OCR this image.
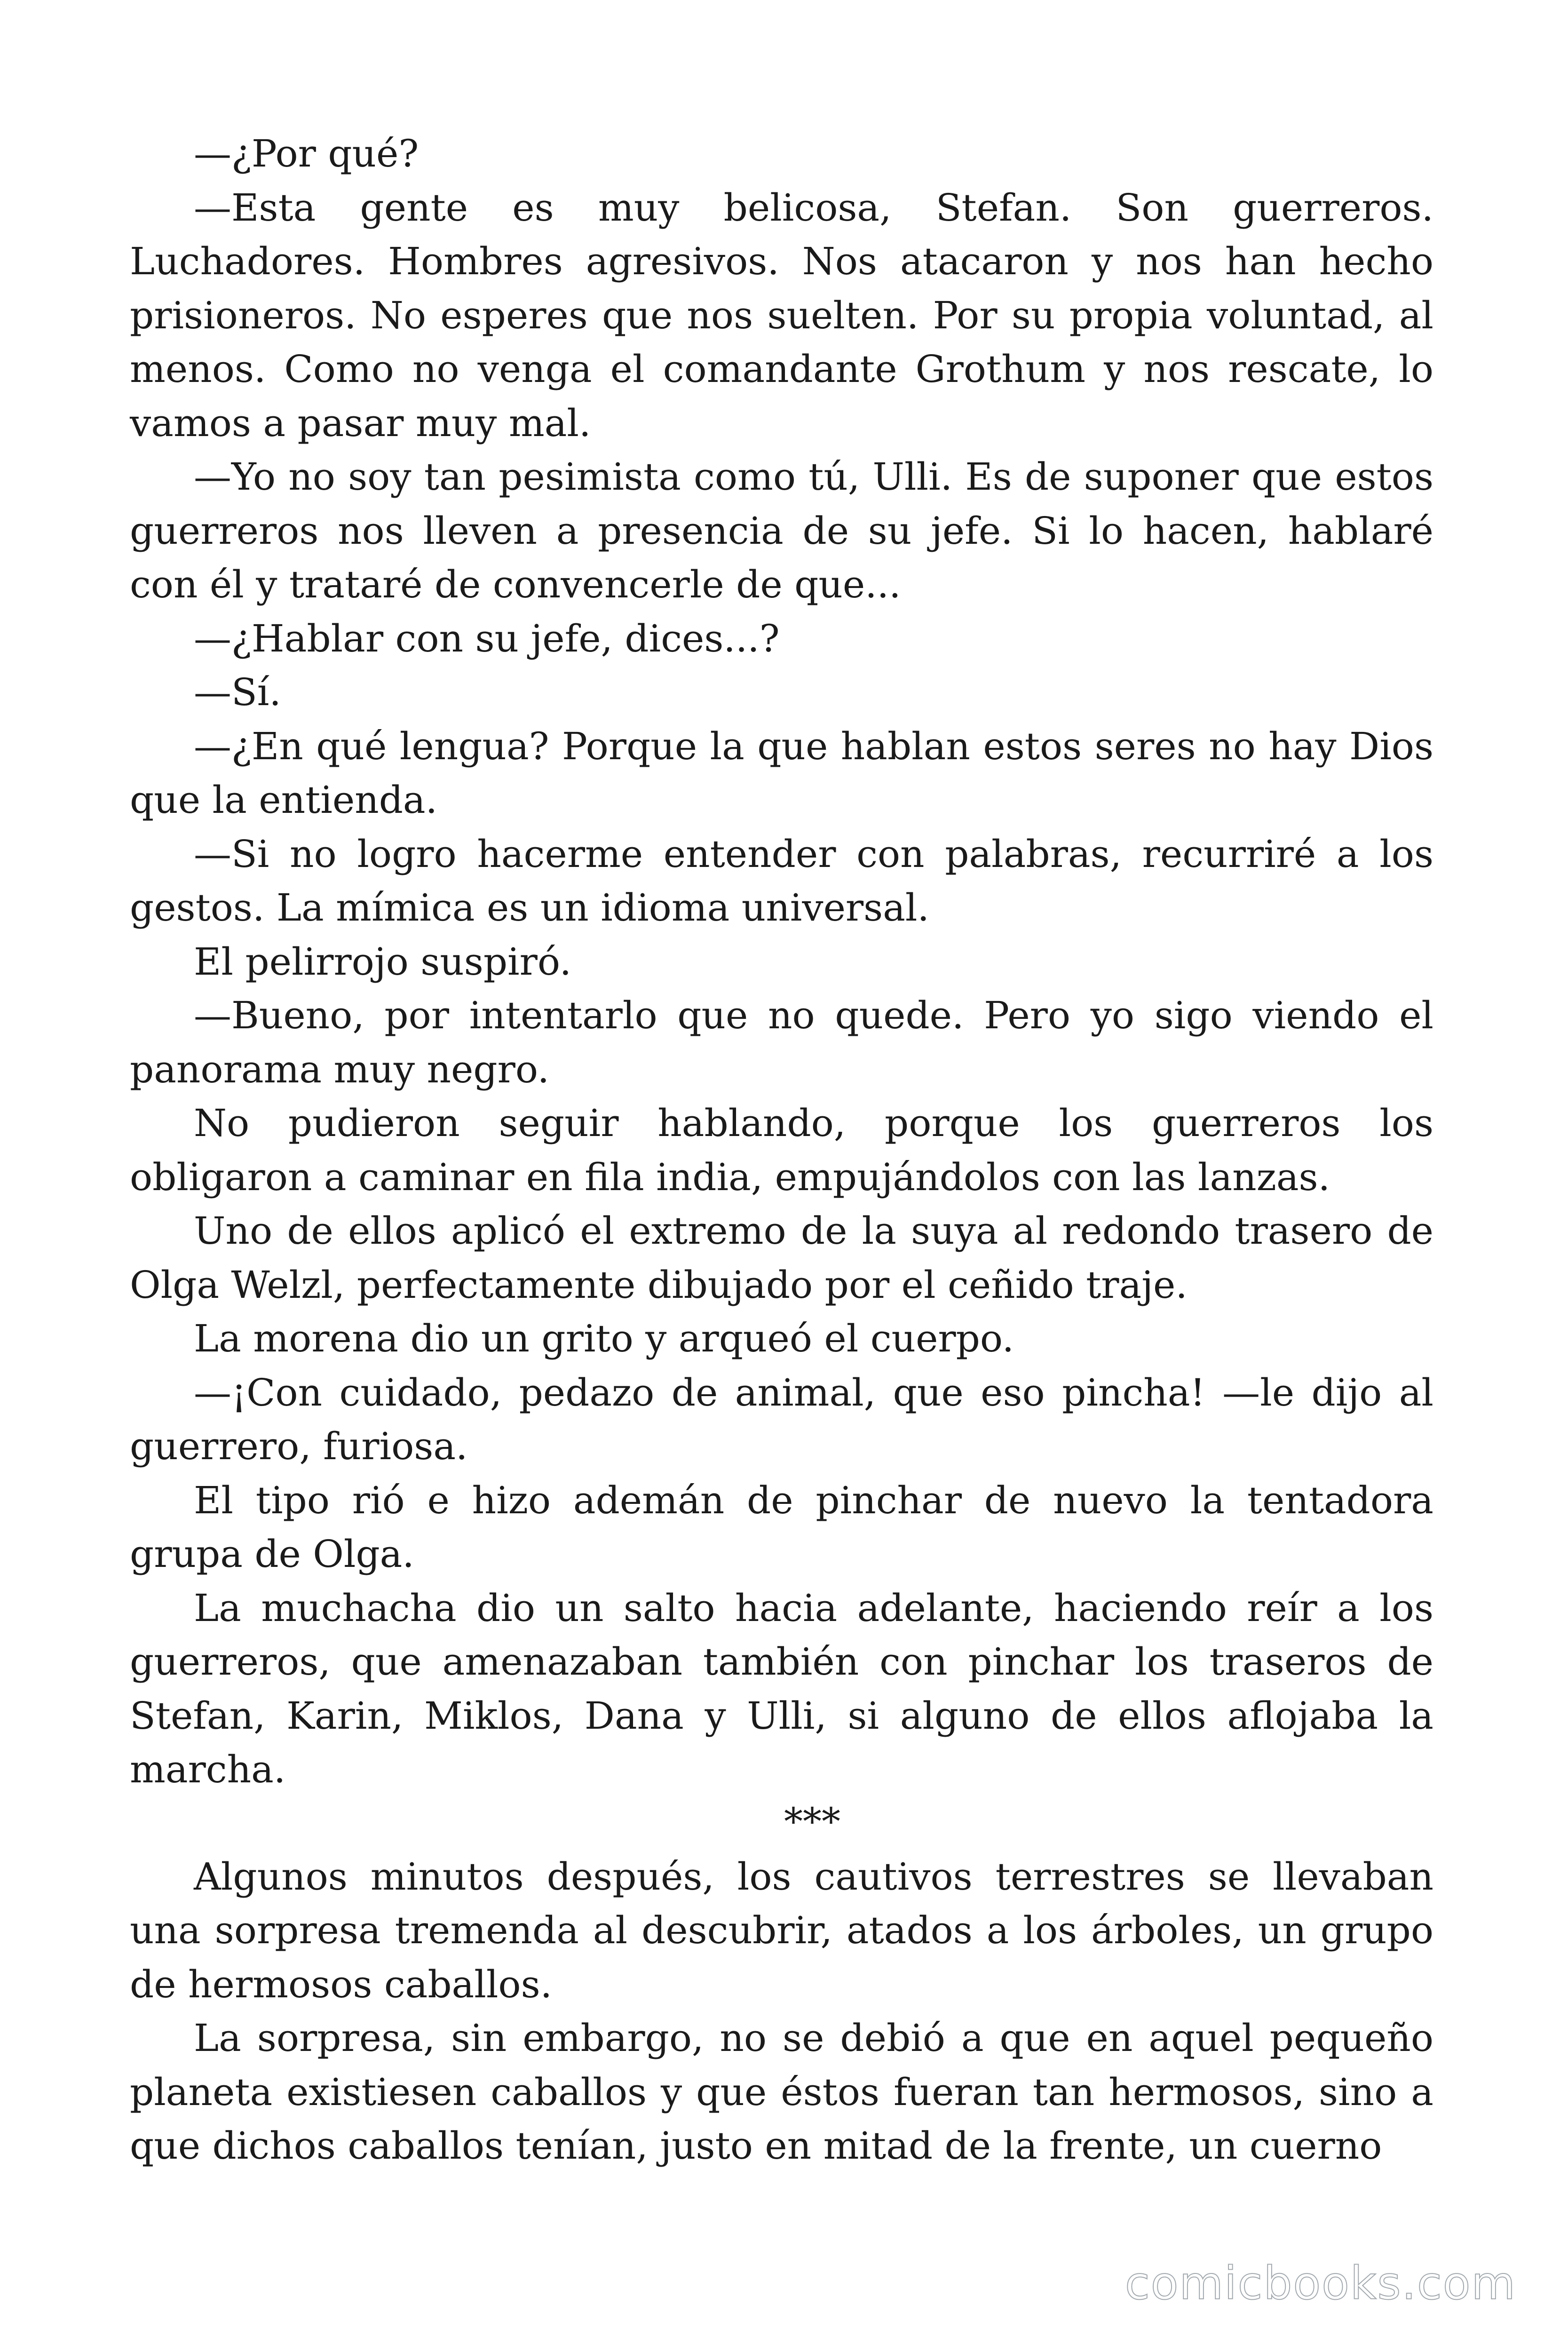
—¿Por qué?

—Esta gente es muy belicosa, Stefan. Son guerreros. Luchadores. Hombres agresivos. Nos atacaron y nos han hecho prisioneros. No esperes que nos suelten. Por su propia voluntad, al menos. Como no venga el comandante Grothum y nos rescate, lo vamos a pasar muy mal.

—Yo no soy tan pesimista como tú, Ulli. Es de suponer que estos guerreros nos lleven a presencia de su jefe. Si lo hacen, hablaré con él y trataré de convencerle de que...

—¿Hablar con su jefe, dices...?

—Sí.

—¿En qué lengua? Porque la que hablan estos seres no hay Dios que la entienda.

—Si no logro hacerme entender con palabras, recurriré a los gestos. La mímica es un idioma universal.

El pelirrojo suspiró.

—Bueno, por intentarlo que no quede. Pero yo sigo viendo el panorama muy negro.

No pudieron seguir hablando, porque los guerreros los obligaron a caminar en fila india, empujándolos con las lanzas.

Uno de ellos aplicó el extremo de la suya al redondo trasero de Olga Welzl, perfectamente dibujado por el ceñido traje.

La morena dio un grito y arqueó el cuerpo.

—¡Con cuidado, pedazo de animal, que eso pincha! —le dijo al guerrero, furiosa.

El tipo rió e hizo ademán de pinchar de nuevo la tentadora grupa de Olga.

La muchacha dio un salto hacia adelante, haciendo reír a los guerreros, que amenazaban también con pinchar los traseros de Stefan, Karin, Miklos, Dana y Ulli, si alguno de ellos aflojaba la marcha.

***

Algunos minutos después, los cautivos terrestres se llevaban una sorpresa tremenda al descubrir, atados a los árboles, un grupo de hermosos caballos.

La sorpresa, sin embargo, no se debió a que en aquel pequeño planeta existiesen caballos y que éstos fueran tan hermosos, sino a que dichos caballos tenían, justo en mitad de la frente, un cuerno

comicbooks.com
